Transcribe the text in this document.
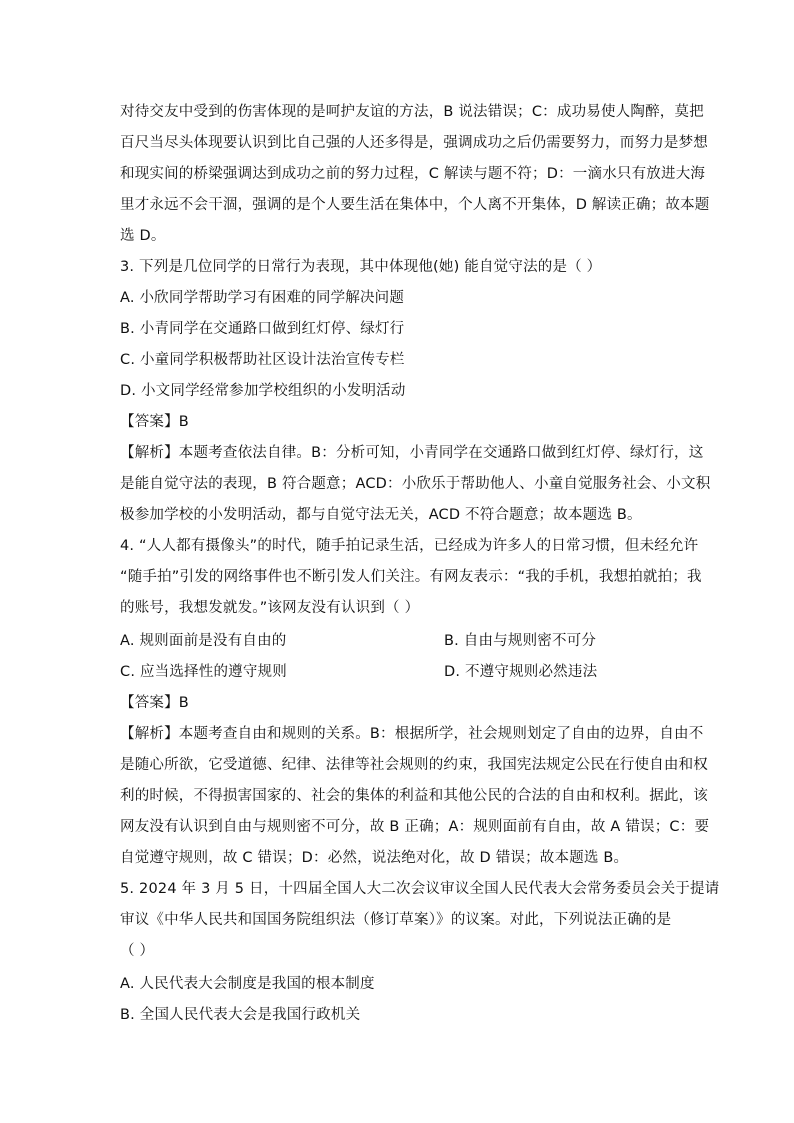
对待交友中受到的伤害体现的是呵护友谊的方法，B 说法错误；C：成功易使人陶醉，莫把
百尺当尽头体现要认识到比自己强的人还多得是，强调成功之后仍需要努力，而努力是梦想
和现实间的桥梁强调达到成功之前的努力过程，C 解读与题不符；D：一滴水只有放进大海
里才永远不会干涸，强调的是个人要生活在集体中，个人离不开集体，D 解读正确；故本题
选 D。
3. 下列是几位同学的日常行为表现，其中体现他(她) 能自觉守法的是（ ）
A. 小欣同学帮助学习有困难的同学解决问题
B. 小青同学在交通路口做到红灯停、绿灯行
C. 小童同学积极帮助社区设计法治宣传专栏
D. 小文同学经常参加学校组织的小发明活动
【答案】B
【解析】本题考查依法自律。B：分析可知，小青同学在交通路口做到红灯停、绿灯行，这
是能自觉守法的表现，B 符合题意；ACD：小欣乐于帮助他人、小童自觉服务社会、小文积
极参加学校的小发明活动，都与自觉守法无关，ACD 不符合题意；故本题选 B。
4. “人人都有摄像头”的时代，随手拍记录生活，已经成为许多人的日常习惯，但未经允许
“随手拍”引发的网络事件也不断引发人们关注。有网友表示：“我的手机，我想拍就拍；我
的账号，我想发就发。”该网友没有认识到（ ）
A. 规则面前是没有自由的	B. 自由与规则密不可分
C. 应当选择性的遵守规则	D. 不遵守规则必然违法
【答案】B
【解析】本题考查自由和规则的关系。B：根据所学，社会规则划定了自由的边界，自由不
是随心所欲，它受道德、纪律、法律等社会规则的约束，我国宪法规定公民在行使自由和权
利的时候，不得损害国家的、社会的集体的利益和其他公民的合法的自由和权利。据此，该
网友没有认识到自由与规则密不可分，故 B 正确；A：规则面前有自由，故 A 错误；C：要
自觉遵守规则，故 C 错误；D：必然，说法绝对化，故 D 错误；故本题选 B。
5. 2024 年 3 月 5 日，十四届全国人大二次会议审议全国人民代表大会常务委员会关于提请
审议《中华人民共和国国务院组织法（修订草案）》的议案。对此，下列说法正确的是
（ ）
A. 人民代表大会制度是我国的根本制度
B. 全国人民代表大会是我国行政机关
